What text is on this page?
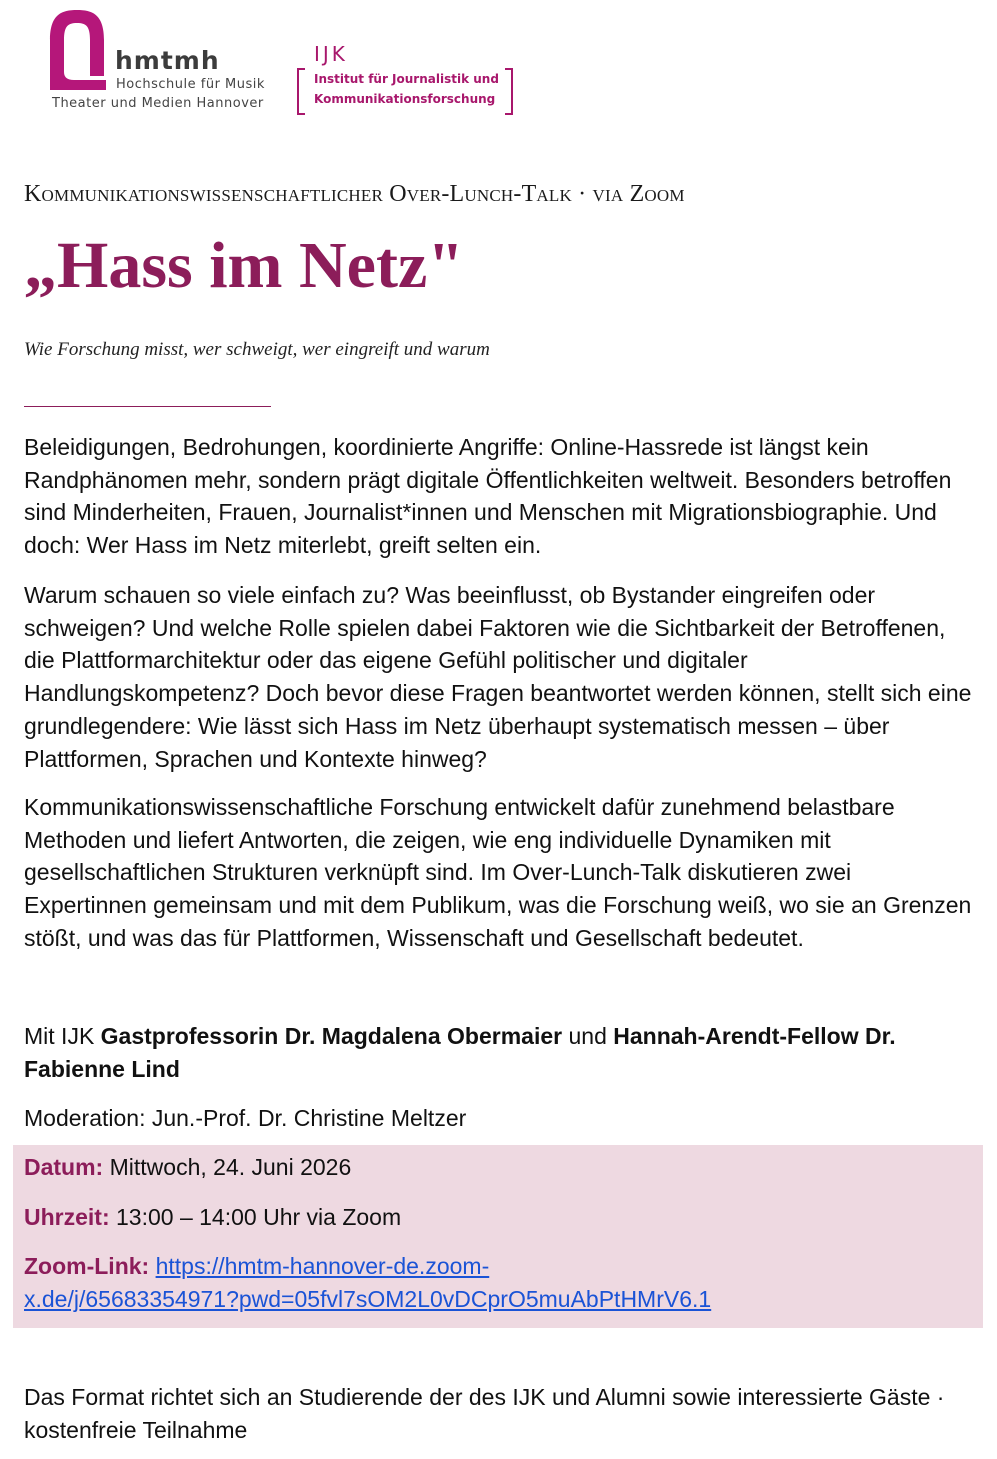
hmtmh
Hochschule für Musik
Theater und Medien Hannover
IJK
Institut für Journalistik und
Kommunikationsforschung
Kommunikationswissenschaftlicher Over-Lunch-Talk · via Zoom
„Hass im Netz"
Wie Forschung misst, wer schweigt, wer eingreift und warum

Beleidigungen, Bedrohungen, koordinierte Angriffe: Online-Hassrede ist längst kein Randphänomen mehr, sondern prägt digitale Öffentlichkeiten weltweit. Besonders betroffen sind Minderheiten, Frauen, Journalist*innen und Menschen mit Migrationsbiographie. Und doch: Wer Hass im Netz miterlebt, greift selten ein.

Warum schauen so viele einfach zu? Was beeinflusst, ob Bystander eingreifen oder schweigen? Und welche Rolle spielen dabei Faktoren wie die Sichtbarkeit der Betroffenen, die Plattformarchitektur oder das eigene Gefühl politischer und digitaler Handlungskompetenz? Doch bevor diese Fragen beantwortet werden können, stellt sich eine grundlegendere: Wie lässt sich Hass im Netz überhaupt systematisch messen – über Plattformen, Sprachen und Kontexte hinweg?

Kommunikationswissenschaftliche Forschung entwickelt dafür zunehmend belastbare Methoden und liefert Antworten, die zeigen, wie eng individuelle Dynamiken mit gesellschaftlichen Strukturen verknüpft sind. Im Over-Lunch-Talk diskutieren zwei Expertinnen gemeinsam und mit dem Publikum, was die Forschung weiß, wo sie an Grenzen stößt, und was das für Plattformen, Wissenschaft und Gesellschaft bedeutet.

Mit IJK Gastprofessorin Dr. Magdalena Obermaier und Hannah-Arendt-Fellow Dr. Fabienne Lind

Moderation: Jun.-Prof. Dr. Christine Meltzer

Datum: Mittwoch, 24. Juni 2026
Uhrzeit: 13:00 – 14:00 Uhr via Zoom
Zoom-Link: https://hmtm-hannover-de.zoom-
x.de/j/65683354971?pwd=05fvl7sOM2L0vDCprO5muAbPtHMrV6.1

Das Format richtet sich an Studierende der des IJK und Alumni sowie interessierte Gäste · kostenfreie Teilnahme
